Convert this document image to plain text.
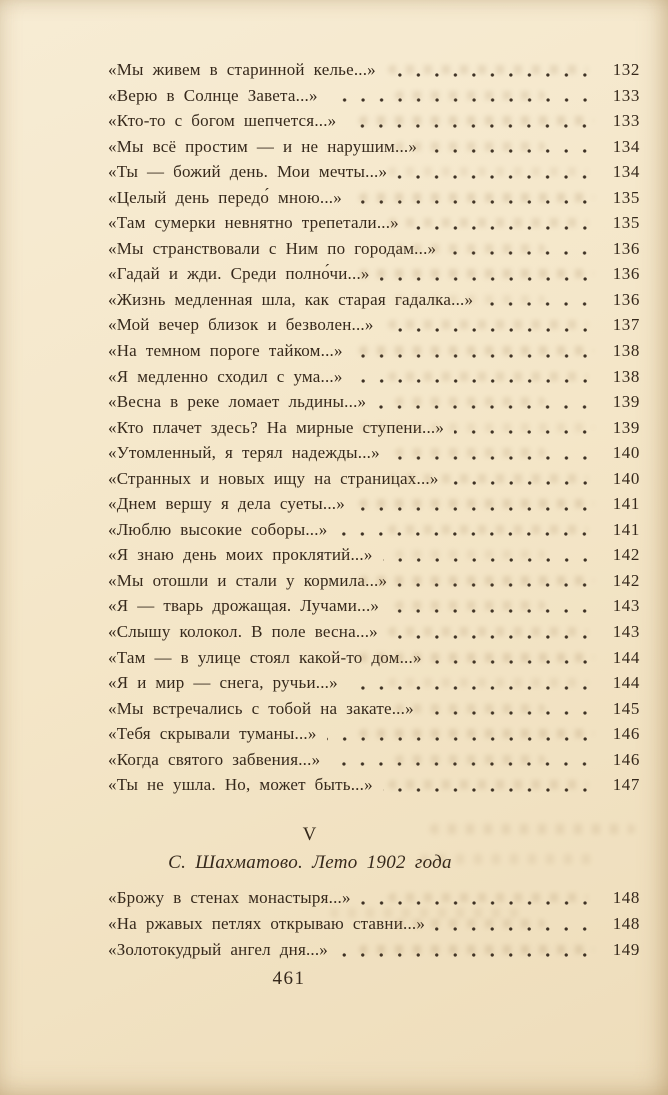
«Мы живем в старинной келье...»	132
«Верю в Солнце Завета...»	133
«Кто-то с богом шепчется...»	133
«Мы всё простим — и не нарушим...»	134
«Ты — божий день. Мои мечты...»	134
«Целый день передо́ мною...»	135
«Там сумерки невнятно трепетали...»	135
«Мы странствовали с Ним по городам...»	136
«Гадай и жди. Среди полно́чи...»	136
«Жизнь медленная шла, как старая гадалка...»	136
«Мой вечер близок и безволен...»	137
«На темном пороге тайком...»	138
«Я медленно сходил с ума...»	138
«Весна в реке ломает льдины...»	139
«Кто плачет здесь? На мирные ступени...»	139
«Утомленный, я терял надежды...»	140
«Странных и новых ищу на страницах...»	140
«Днем вершу я дела суеты...»	141
«Люблю высокие соборы...»	141
«Я знаю день моих проклятий...»	142
«Мы отошли и стали у кормила...»	142
«Я — тварь дрожащая. Лучами...»	143
«Слышу колокол. В поле весна...»	143
«Там — в улице стоял какой-то дом...»	144
«Я и мир — снега, ручьи...»	144
«Мы встречались с тобой на закате...»	145
«Тебя скрывали туманы...»	146
«Когда святого забвения...»	146
«Ты не ушла. Но, может быть...»	147
V
С. Шахматово. Лето 1902 года
«Брожу в стенах монастыря...»	148
«На ржавых петлях открываю ставни...»	148
«Золотокудрый ангел дня...»	149
461
